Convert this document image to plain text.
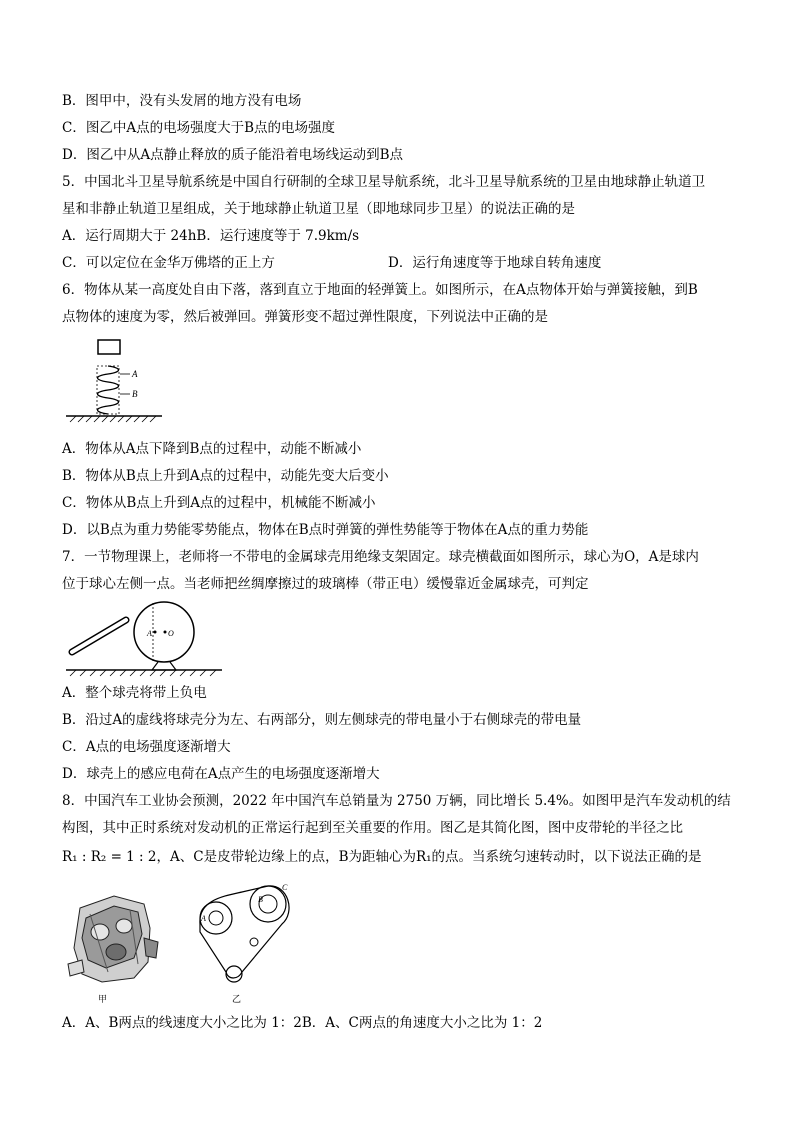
B．图甲中，没有头发屑的地方没有电场
C．图乙中A点的电场强度大于B点的电场强度
D．图乙中从A点静止释放的质子能沿着电场线运动到B点
5．中国北斗卫星导航系统是中国自行研制的全球卫星导航系统，北斗卫星导航系统的卫星由地球静止轨道卫
星和非静止轨道卫星组成，关于地球静止轨道卫星（即地球同步卫星）的说法正确的是
A．运行周期大于 24hB．运行速度等于 7.9km/s
C．可以定位在金华万佛塔的正上方	D．运行角速度等于地球自转角速度
6．物体从某一高度处自由下落，落到直立于地面的轻弹簧上。如图所示，在A点物体开始与弹簧接触，到B
点物体的速度为零，然后被弹回。弹簧形变不超过弹性限度，下列说法中正确的是
A
B
A．物体从A点下降到B点的过程中，动能不断减小
B．物体从B点上升到A点的过程中，动能先变大后变小
C．物体从B点上升到A点的过程中，机械能不断减小
D．以B点为重力势能零势能点，物体在B点时弹簧的弹性势能等于物体在A点的重力势能
7．一节物理课上，老师将一不带电的金属球壳用绝缘支架固定。球壳横截面如图所示，球心为O，A是球内
位于球心左侧一点。当老师把丝绸摩擦过的玻璃棒（带正电）缓慢靠近金属球壳，可判定
A O
A．整个球壳将带上负电
B．沿过A的虚线将球壳分为左、右两部分，则左侧球壳的带电量小于右侧球壳的带电量
C．A点的电场强度逐渐增大
D．球壳上的感应电荷在A点产生的电场强度逐渐增大
8．中国汽车工业协会预测，2022 年中国汽车总销量为 2750 万辆，同比增长 5.4%。如图甲是汽车发动机的结
构图，其中正时系统对发动机的正常运行起到至关重要的作用。图乙是其简化图，图中皮带轮的半径之比
R₁ : R₂ = 1 : 2，A、C是皮带轮边缘上的点，B为距轴心为R₁的点。当系统匀速转动时，以下说法正确的是
甲
A
B
C
乙
A．A、B两点的线速度大小之比为 1：2B．A、C两点的角速度大小之比为 1：2
